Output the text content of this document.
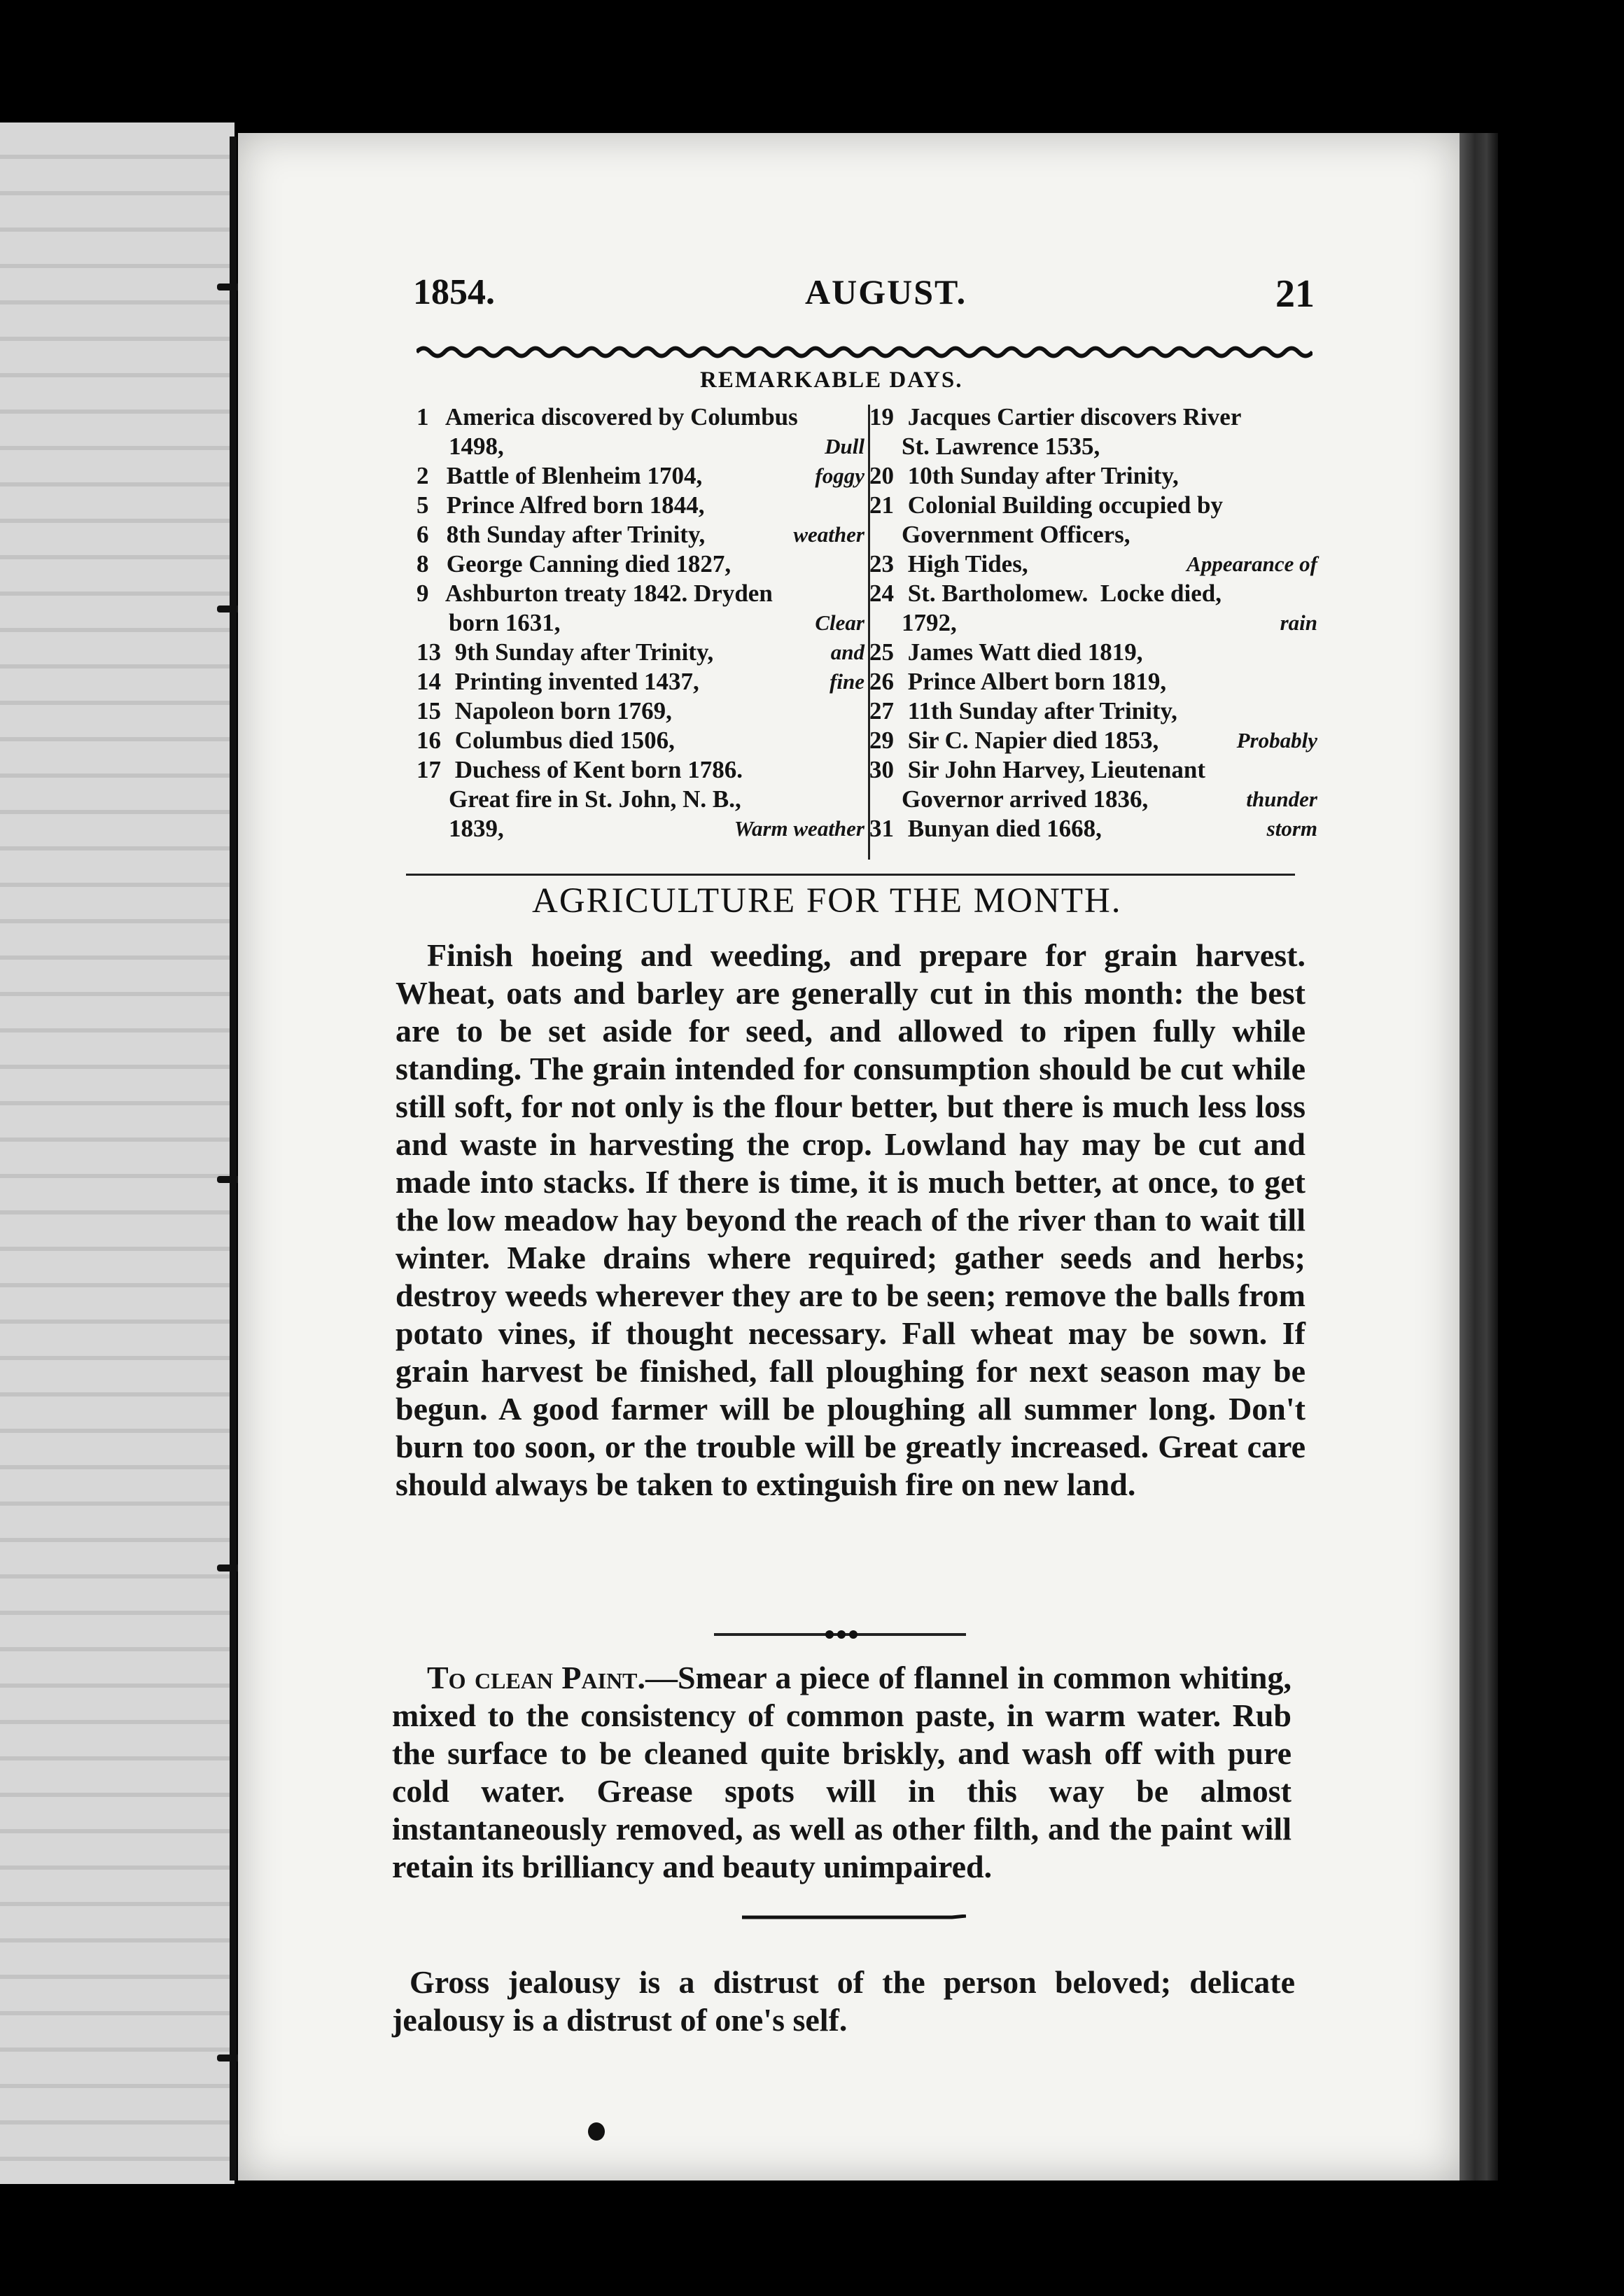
1854.	AUGUST.	21
REMARKABLE DAYS.
1 America discovered by Columbus
1498,	Dull
2 Battle of Blenheim 1704,	foggy
5 Prince Alfred born 1844,
6 8th Sunday after Trinity,	weather
8 George Canning died 1827,
9 Ashburton treaty 1842. Dryden
born 1631,	Clear
13 9th Sunday after Trinity,	and
14 Printing invented 1437,	fine
15 Napoleon born 1769,
16 Columbus died 1506,
17 Duchess of Kent born 1786.
Great fire in St. John, N. B.,
1839,	Warm weather
19 Jacques Cartier discovers River
St. Lawrence 1535,
20 10th Sunday after Trinity,
21 Colonial Building occupied by
Government Officers,
23 High Tides,	Appearance of
24 St. Bartholomew.  Locke died,
1792,	rain
25 James Watt died 1819,
26 Prince Albert born 1819,
27 11th Sunday after Trinity,
29 Sir C. Napier died 1853,	Probably
30 Sir John Harvey, Lieutenant
Governor arrived 1836,	thunder
31 Bunyan died 1668,	storm
AGRICULTURE FOR THE MONTH.
Finish hoeing and weeding, and prepare for grain harvest. Wheat, oats and barley are generally cut in this month: the best are to be set aside for seed, and allowed to ripen fully while standing. The grain intended for consumption should be cut while still soft, for not only is the flour better, but there is much less loss and waste in harvesting the crop. Lowland hay may be cut and made into stacks. If there is time, it is much better, at once, to get the low meadow hay beyond the reach of the river than to wait till winter. Make drains where required; gather seeds and herbs; destroy weeds wherever they are to be seen; remove the balls from potato vines, if thought necessary. Fall wheat may be sown. If grain harvest be finished, fall ploughing for next season may be begun. A good farmer will be ploughing all summer long. Don't burn too soon, or the trouble will be greatly increased. Great care should always be taken to extinguish fire on new land.
To clean Paint.—Smear a piece of flannel in common whiting, mixed to the consistency of common paste, in warm water. Rub the surface to be cleaned quite briskly, and wash off with pure cold water. Grease spots will in this way be almost instantaneously removed, as well as other filth, and the paint will retain its brilliancy and beauty unimpaired.
Gross jealousy is a distrust of the person beloved; delicate jealousy is a distrust of one's self.
